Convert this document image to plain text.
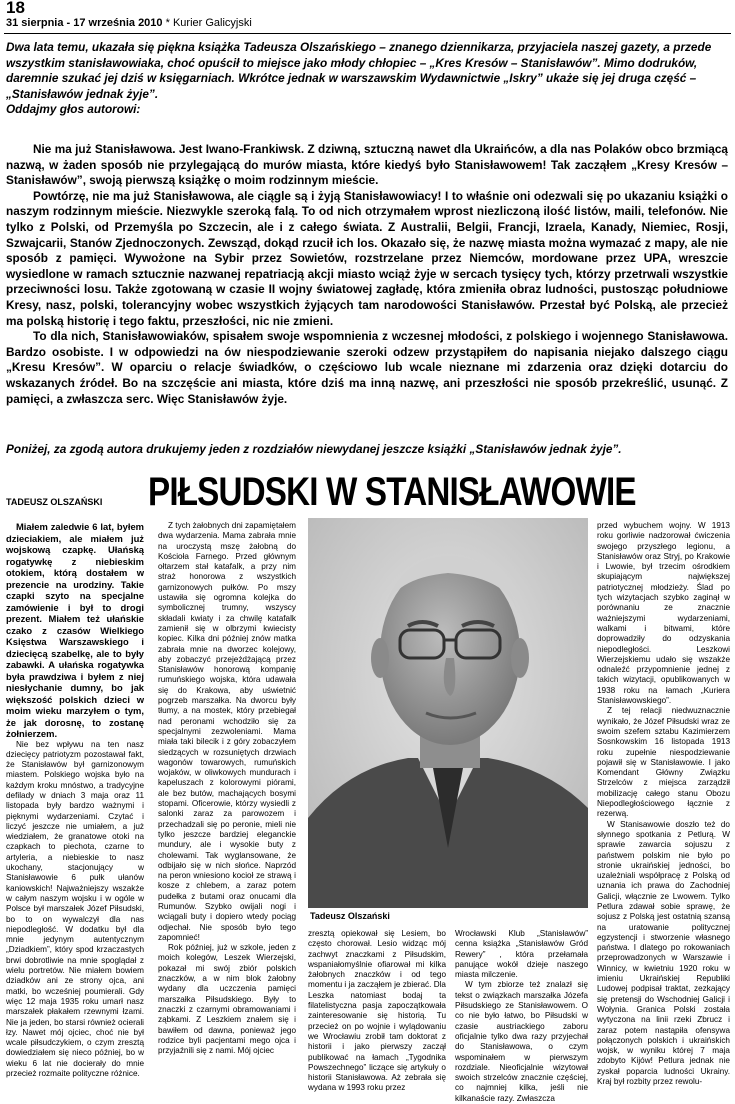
18
31 sierpnia - 17 września 2010 * Kurier Galicyjski

Dwa lata temu, ukazała się piękna książka Tadeusza Olszańskiego – znanego dziennikarza, przyjaciela naszej gazety, a przede wszystkim stanisławowiaka, choć opuścił to miejsce jako młody chłopiec – „Kres Kresów – Stanisławów”. Mimo dodruków, daremnie szukać jej dziś w księgarniach. Wkrótce jednak w warszawskim Wydawnictwie „Iskry” ukaże się jej druga część – „Stanisławów jednak żyje”.

Oddajmy głos autorowi:

Nie ma już Stanisławowa. Jest Iwano-Frankiwsk. Z dziwną, sztuczną nawet dla Ukraińców, a dla nas Polaków obco brzmiącą nazwą, w żaden sposób nie przylegającą do murów miasta, które kiedyś było Stanisławowem! Tak zacząłem „Kresy Kresów – Stanisławów”, swoją pierwszą książkę o moim rodzinnym mieście.

Powtórzę, nie ma już Stanisławowa, ale ciągle są i żyją Stanisławowiacy! I to właśnie oni odezwali się po ukazaniu książki o naszym rodzinnym mieście. Niezwykle szeroką falą. To od nich otrzymałem wprost niezliczoną ilość listów, maili, telefonów. Nie tylko z Polski, od Przemyśla po Szczecin, ale i z całego świata. Z Australii, Belgii, Francji, Izraela, Kanady, Niemiec, Rosji, Szwajcarii, Stanów Zjednoczonych. Zewsząd, dokąd rzucił ich los. Okazało się, że nazwę miasta można wymazać z mapy, ale nie sposób z pamięci. Wywożone na Sybir przez Sowietów, rozstrzelane przez Niemców, mordowane przez UPA, wreszcie wysiedlone w ramach sztucznie nazwanej repatriacją akcji miasto wciąż żyje w sercach tysięcy tych, którzy przetrwali wszystkie przeciwności losu. Także zgotowaną w czasie II wojny światowej zagładę, która zmieniła obraz ludności, pustosząc południowe Kresy, nasz, polski, tolerancyjny wobec wszystkich żyjących tam narodowości Stanisławów. Przestał być Polską, ale przecież ma polską historię i tego faktu, przeszłości, nic nie zmieni.

To dla nich, Stanisławowiaków, spisałem swoje wspomnienia z wczesnej młodości, z polskiego i wojennego Stanisławowa. Bardzo osobiste. I w odpowiedzi na ów niespodziewanie szeroki odzew przystąpiłem do napisania niejako dalszego ciągu „Kresu Kresów”. W oparciu o relacje świadków, o częściowo lub wcale nieznane mi zdarzenia oraz dzięki dotarciu do wskazanych źródeł. Bo na szczęście ani miasta, które dziś ma inną nazwę, ani przeszłości nie sposób przekreślić, usunąć. Z pamięci, a zwłaszcza serc. Więc Stanisławów żyje.

Poniżej, za zgodą autora drukujemy jeden z rozdziałów niewydanej jeszcze książki „Stanisławów jednak żyje”.
TADEUSZ OLSZAŃSKI PIŁSUDSKI W STANISŁAWOWIE

Miałem zaledwie 6 lat, byłem dzieciakiem, ale miałem już wojskową czapkę. Ułańską rogatywkę z niebieskim otokiem, którą dostałem w prezencie na urodziny. Takie czapki szyto na specjalne zamówienie i był to drogi prezent. Miałem też ułańskie czako z czasów Wielkiego Księstwa Warszawskiego i dziecięcą szabelkę, ale to były zabawki. A ułańska rogatywka była prawdziwa i byłem z niej niesłychanie dumny, bo jak większość polskich dzieci w moim wieku marzyłem o tym, że jak dorosnę, to zostanę żołnierzem.

Nie bez wpływu na ten nasz dziecięcy patriotyzm pozostawał fakt, że Stanisławów był garnizonowym miastem. Polskiego wojska było na każdym kroku mnóstwo, a tradycyjne defilady w dniach 3 maja oraz 11 listopada były bardzo ważnymi i pięknymi wydarzeniami. Czytać i liczyć jeszcze nie umiałem, a już wiedziałem, że granatowe otoki na czapkach to piechota, czarne to artyleria, a niebieskie to nasz ukochany, stacjonujący w Stanisławowie 6 pułk ułanów kaniowskich! Najważniejszy wszakże w całym naszym wojsku i w ogóle w Polsce był marszałek Józef Piłsudski, bo to on wywalczył dla nas niepodległość. W dodatku był dla mnie jedynym autentycznym „Dziadkiem”, który spod krzaczastych brwi dobrotliwie na mnie spoglądał z wielu portretów. Nie miałem bowiem dziadków ani ze strony ojca, ani matki, bo wcześniej poumierali. Gdy więc 12 maja 1935 roku umarł nasz marszałek płakałem rzewnymi łzami. Nie ja jeden, bo starsi również ocierali łzy. Nawet mój ojciec, choć nie był wcale piłsudczykiem, o czym zresztą dowiedziałem się nieco później, bo w wieku 6 lat nie docierały do mnie przecież rozmaite polityczne różnice.

Z tych żałobnych dni zapamiętałem dwa wydarzenia. Mama zabrała mnie na uroczystą mszę żałobną do Kościoła Farnego. Przed głównym ołtarzem stał katafalk, a przy nim straż honorowa z wszystkich garnizonowych pułków. Po mszy ustawiła się ogromna kolejka do symbolicznej trumny, wszyscy składali kwiaty i za chwilę katafalk zamienił się w olbrzymi kwiecisty kopiec. Kilka dni później znów matka zabrała mnie na dworzec kolejowy, aby zobaczyć przejeżdżającą przez Stanisławów honorową kompanię rumuńskiego wojska, która udawała się do Krakowa, aby uświetnić pogrzeb marszałka. Na dworcu były tłumy, a na mostek, który przebiegał nad peronami wchodziło się za specjalnymi zezwoleniami. Mama miała taki bilecik i z góry zobaczyłem siedzących w rozsuniętych drzwiach wagonów towarowych, rumuńskich wojaków, w oliwkowych mundurach i kapeluszach z kolorowymi piórami, ale bez butów, machających bosymi stopami. Oficerowie, którzy wysiedli z salonki zaraz za parowozem i przechadzali się po peronie, mieli nie tylko jeszcze bardziej eleganckie mundury, ale i wysokie buty z cholewami. Tak wyglansowane, że odbijało się w nich słońce. Naprzód na peron wniesiono kocioł ze strawą i kosze z chlebem, a zaraz potem pudełka z butami oraz onucami dla Rumunów. Szybko owijali nogi i wciągali buty i dopiero wtedy pociąg odjechał. Nie sposób było tego zapomnieć!

Rok później, już w szkole, jeden z moich kolegów, Leszek Wierzejski, pokazał mi swój zbiór polskich znaczków, a w nim blok żałobny wydany dla uczczenia pamięci marszałka Piłsudskiego. Były to znaczki z czarnymi obramowaniami i ząbkami. Z Leszkiem znałem się i bawiłem od dawna, ponieważ jego rodzice byli pacjentami mego ojca i przyjaźnili się z nami. Mój ojciec

Tadeusz Olszański

zresztą opiekował się Lesiem, bo często chorował. Lesio widząc mój zachwyt znaczkami z Piłsudskim, wspaniałomyślnie ofiarował mi kilka żałobnych znaczków i od tego momentu i ja zacząłem je zbierać. Dla Leszka natomiast bodaj ta filatelistyczna pasja zapoczątkowała zainteresowanie się historią. Tu przecież on po wojnie i wylądowaniu we Wrocławiu zrobił tam doktorat z historii i jako pierwszy zaczął publikować na łamach „Tygodnika Powszechnego” liczące się artykuły o historii Stanisławowa. Aż zebrała się wydana w 1993 roku przez

Wrocławski Klub „Stanisławów” cenna książka „Stanisławów Gród Rewery” , która przełamała panujące wokół dzieje naszego miasta milczenie.

W tym zbiorze też znalazł się tekst o związkach marszałka Józefa Piłsudskiego ze Stanisławowem. O co nie było łatwo, bo Piłsudski w czasie austriackiego zaboru oficjalnie tylko dwa razy przyjechał do Stanisławowa, o czym wspominałem w pierwszym rozdziale. Nieoficjalnie wizytował swoich strzelców znacznie częściej, co najmniej kilka, jeśli nie kilkanaście razy. Zwłaszcza

przed wybuchem wojny. W 1913 roku gorliwie nadzorował ćwiczenia swojego przyszłego legionu, a Stanisławów oraz Stryj, po Krakowie i Lwowie, był trzecim ośrodkiem skupiającym największej patriotycznej młodzieży. Ślad po tych wizytacjach szybko zaginął w porównaniu ze znacznie ważniejszymi wydarzeniami, walkami i bitwami, które doprowadziły do odzyskania niepodległości. Leszkowi Wierzejskiemu udało się wszakże odnaleźć przypomnienie jednej z takich wizytacji, opublikowanych w 1938 roku na łamach „Kuriera Stanisławowskiego”.

Z tej relacji niedwuznacznie wynikało, że Józef Piłsudski wraz ze swoim szefem sztabu Kazimierzem Sosnkowskim 16 listopada 1913 roku zupełnie niespodziewanie pojawił się w Stanisławowie. I jako Komendant Główny Związku Strzelców z miejsca zarządził mobilizację całego stanu Obozu Niepodległościowego łącznie z rezerwą.

W Stanisawowie doszło też do słynnego spotkania z Petlurą. W sprawie zawarcia sojuszu z państwem polskim nie było po stronie ukraińskiej jedności, bo uzależniali współpracę z Polską od uznania ich prawa do Zachodniej Galicji, włącznie ze Lwowem. Tylko Petlura zdawał sobie sprawę, że sojusz z Polską jest ostatnią szansą na uratowanie politycznej egzystencji i stworzenie własnego państwa. I dlatego po rokowaniach przeprowadzonych w Warszawie i Winnicy, w kwietniu 1920 roku w imieniu Ukraińskiej Republiki Ludowej podpisał traktat, zezkający się pretensji do Wschodniej Galicji i Wołynia. Granica Polski została wytyczona na linii rzeki Zbrucz i zaraz potem nastąpiła ofensywa połączonych polskich i ukraińskich wojsk, w wyniku której 7 maja zdobyto Kijów! Petlura jednak nie zyskał poparcia ludności Ukrainy. Kraj był rozbity przez rewolu-
